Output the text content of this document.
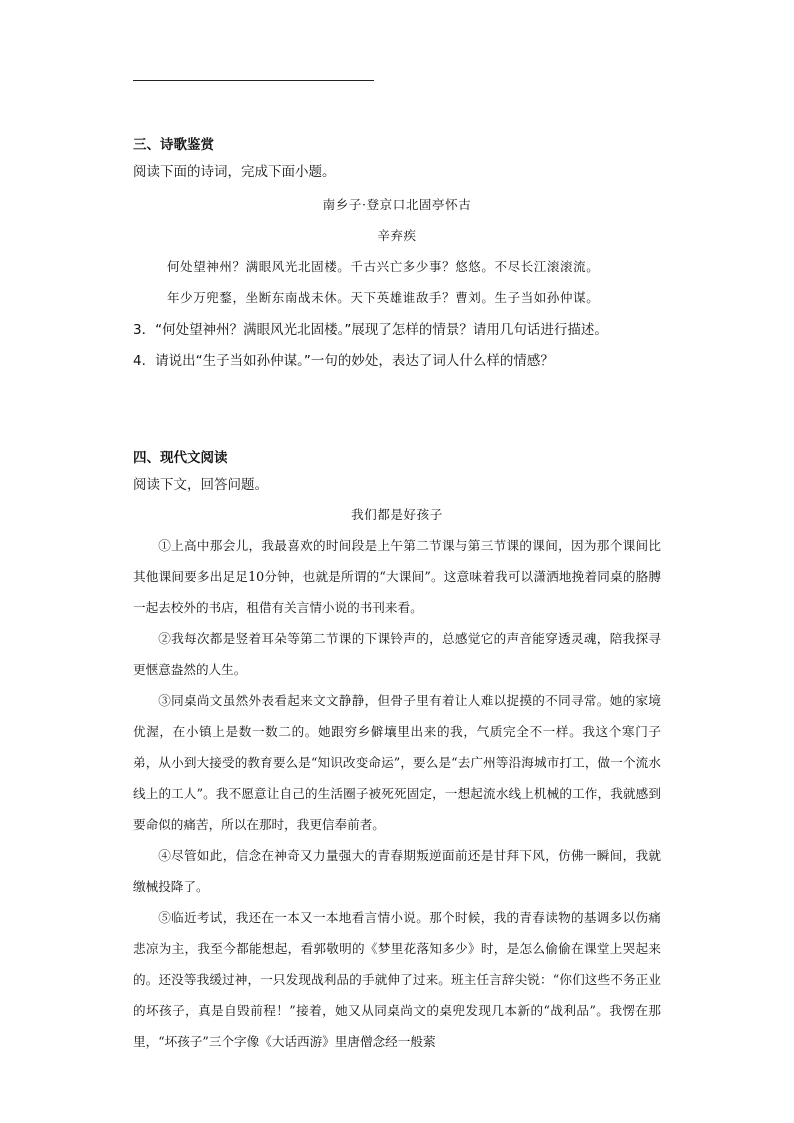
三、诗歌鉴赏
阅读下面的诗词，完成下面小题。
南乡子·登京口北固亭怀古
辛弃疾
何处望神州？满眼风光北固楼。千古兴亡多少事？悠悠。不尽长江滚滚流。
年少万兜鍪，坐断东南战未休。天下英雄谁敌手？曹刘。生子当如孙仲谋。
3．“何处望神州？满眼风光北固楼。”展现了怎样的情景？请用几句话进行描述。
4．请说出“生子当如孙仲谋。”一句的妙处，表达了词人什么样的情感？
四、现代文阅读
阅读下文，回答问题。
我们都是好孩子

①上高中那会儿，我最喜欢的时间段是上午第二节课与第三节课的课间，因为那个课间比其他课间要多出足足10分钟，也就是所谓的“大课间”。这意味着我可以潇洒地挽着同桌的胳膊一起去校外的书店，租借有关言情小说的书刊来看。

②我每次都是竖着耳朵等第二节课的下课铃声的，总感觉它的声音能穿透灵魂，陪我探寻更惬意盎然的人生。

③同桌尚文虽然外表看起来文文静静，但骨子里有着让人难以捉摸的不同寻常。她的家境优渥，在小镇上是数一数二的。她跟穷乡僻壤里出来的我，气质完全不一样。我这个寒门子弟，从小到大接受的教育要么是“知识改变命运”，要么是“去广州等沿海城市打工，做一个流水线上的工人”。我不愿意让自己的生活圈子被死死固定，一想起流水线上机械的工作，我就感到要命似的痛苦，所以在那时，我更信奉前者。

④尽管如此，信念在神奇又力量强大的青春期叛逆面前还是甘拜下风，仿佛一瞬间，我就缴械投降了。

⑤临近考试，我还在一本又一本地看言情小说。那个时候，我的青春读物的基调多以伤痛悲凉为主，我至今都能想起，看郭敬明的《梦里花落知多少》时，是怎么偷偷在课堂上哭起来的。还没等我缓过神，一只发现战利品的手就伸了过来。班主任言辞尖锐：“你们这些不务正业的坏孩子，真是自毁前程！”接着，她又从同桌尚文的桌兜发现几本新的“战利品”。我愣在那里，“坏孩子”三个字像《大话西游》里唐僧念经一般萦
